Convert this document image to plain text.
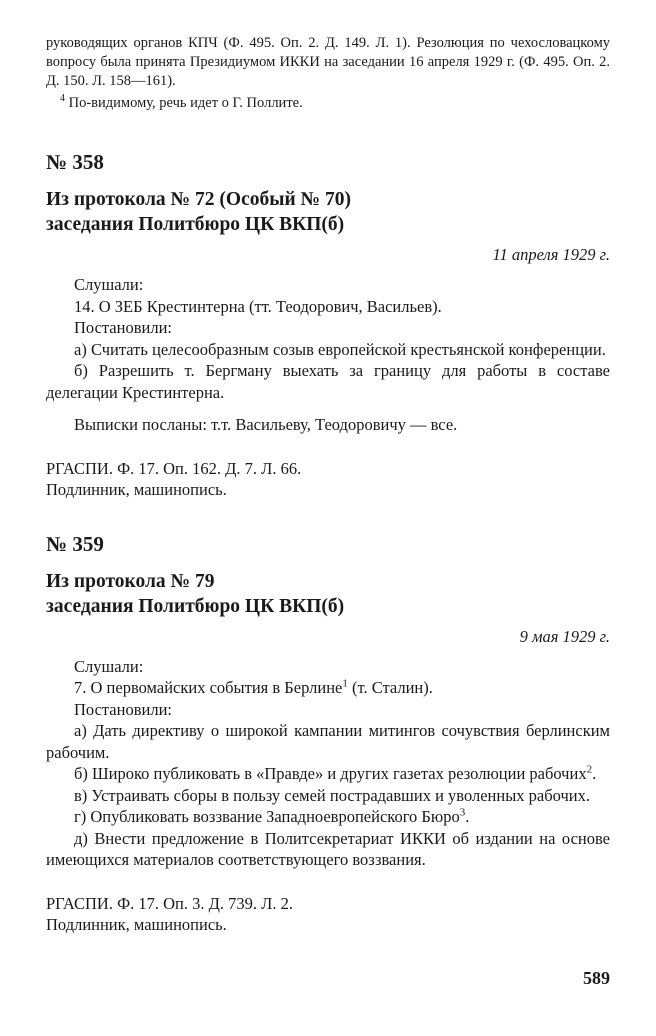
руководящих органов КПЧ (Ф. 495. Оп. 2. Д. 149. Л. 1). Резолюция по чехословацкому вопросу была принята Президиумом ИККИ на заседании 16 апреля 1929 г. (Ф. 495. Оп. 2. Д. 150. Л. 158—161).

$^4$ По-видимому, речь идет о Г. Поллите.

№ 358

Из протокола № 72 (Особый № 70)

заседания Политбюро ЦК ВКП(б)

11 апреля 1929 г.

Слушали:

14. О ЗЕБ Крестинтерна (тт. Теодорович, Васильев).

Постановили:

а) Считать целесообразным созыв европейской крестьянской конференции.

б) Разрешить т. Бергману выехать за границу для работы в составе делегации Крестинтерна.

Выписки посланы: т.т. Васильеву, Теодоровичу — все.

РГАСПИ. Ф. 17. Оп. 162. Д. 7. Л. 66.

Подлинник, машинопись.

№ 359

Из протокола № 79

заседания Политбюро ЦК ВКП(б)

9 мая 1929 г.

Слушали:

7. О первомайских события в Берлине$^1$ (т. Сталин).

Постановили:

а) Дать директиву о широкой кампании митингов сочувствия берлинским рабочим.

б) Широко публиковать в «Правде» и других газетах резолюции рабочих$^2$.

в) Устраивать сборы в пользу семей пострадавших и уволенных рабочих.

г) Опубликовать воззвание Западноевропейского Бюро$^3$.

д) Внести предложение в Политсекретариат ИККИ об издании на основе имеющихся материалов соответствующего воззвания.

РГАСПИ. Ф. 17. Оп. 3. Д. 739. Л. 2.

Подлинник, машинопись.

589
